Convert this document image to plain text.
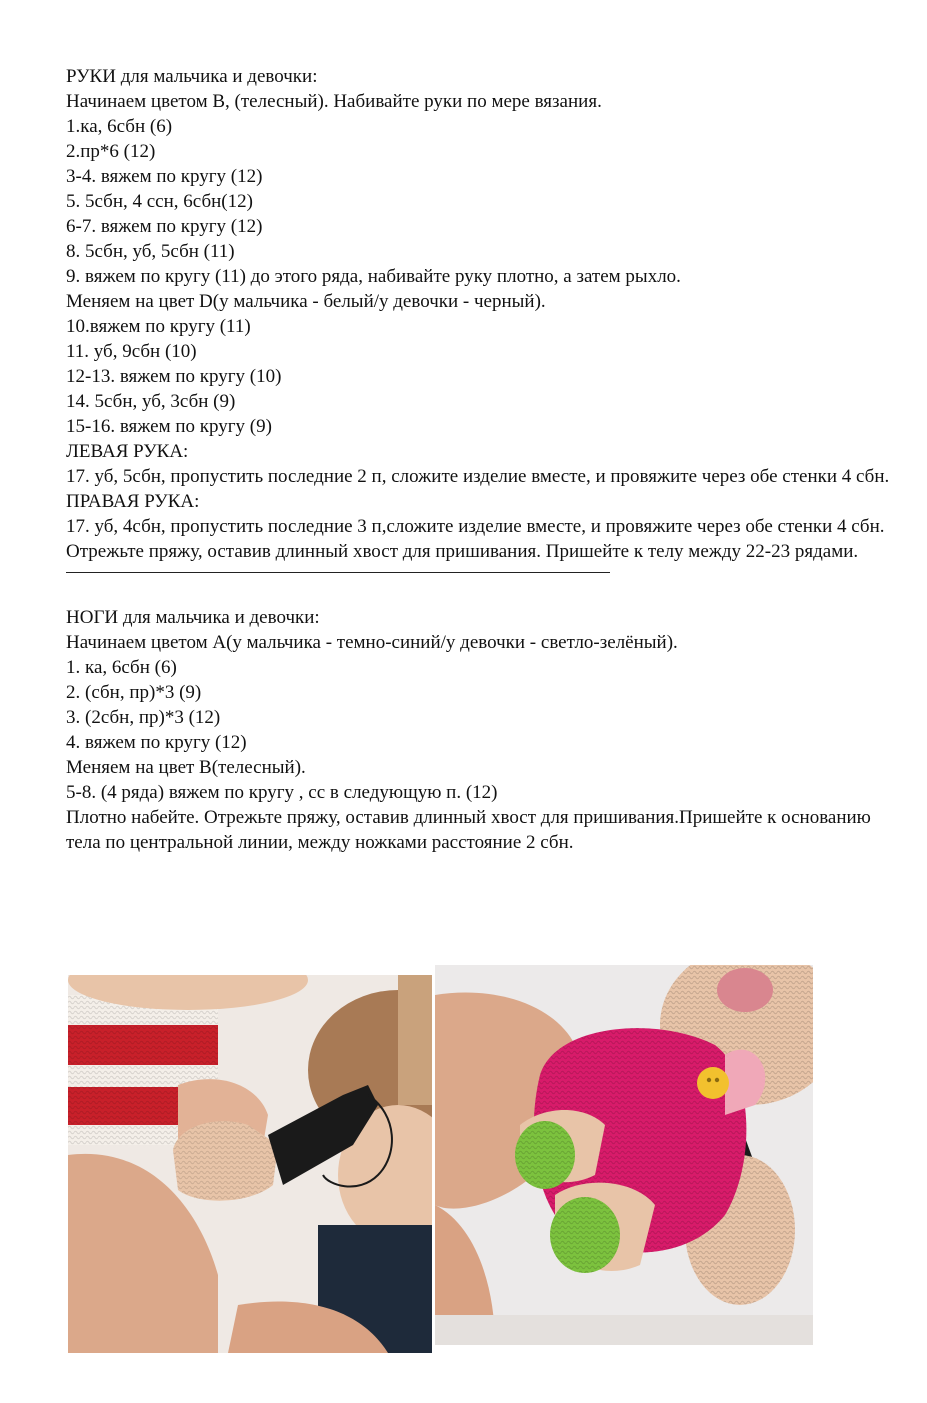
РУКИ для мальчика и девочки:
Начинаем цветом В, (телесный). Набивайте руки по мере вязания.
1.ка, 6сбн (6)
2.пр*6 (12)
3-4. вяжем по кругу (12)
5. 5сбн, 4 ссн, 6сбн(12)
6-7. вяжем по кругу (12)
8. 5сбн, уб, 5сбн (11)
9. вяжем по кругу (11) до этого ряда, набивайте руку плотно, а затем рыхло.
Меняем на цвет D(у мальчика - белый/у девочки - черный).
10.вяжем по кругу (11)
11. уб, 9сбн (10)
12-13. вяжем по кругу (10)
14. 5сбн, уб, 3сбн (9)
15-16. вяжем по кругу (9)
ЛЕВАЯ РУКА:
17. уб, 5сбн, пропустить последние 2 п, сложите изделие вместе, и провяжите через обе стенки 4 сбн.
ПРАВАЯ РУКА:
17. уб, 4сбн, пропустить последние 3 п,сложите изделие вместе, и провяжите через обе стенки 4 сбн.
Отрежьте пряжу, оставив длинный хвост для пришивания. Пришейте к телу между 22-23 рядами.
НОГИ для мальчика и девочки:
Начинаем цветом А(у мальчика - темно-синий/у девочки - светло-зелёный).
1. ка, 6сбн (6)
2. (сбн, пр)*3 (9)
3. (2сбн, пр)*3 (12)
4. вяжем по кругу (12)
Меняем на цвет В(телесный).
5-8. (4 ряда) вяжем по кругу , сс в следующую п. (12)
Плотно набейте. Отрежьте пряжу, оставив длинный хвост для пришивания.Пришейте к основанию тела по центральной линии, между ножками расстояние 2 сбн.
